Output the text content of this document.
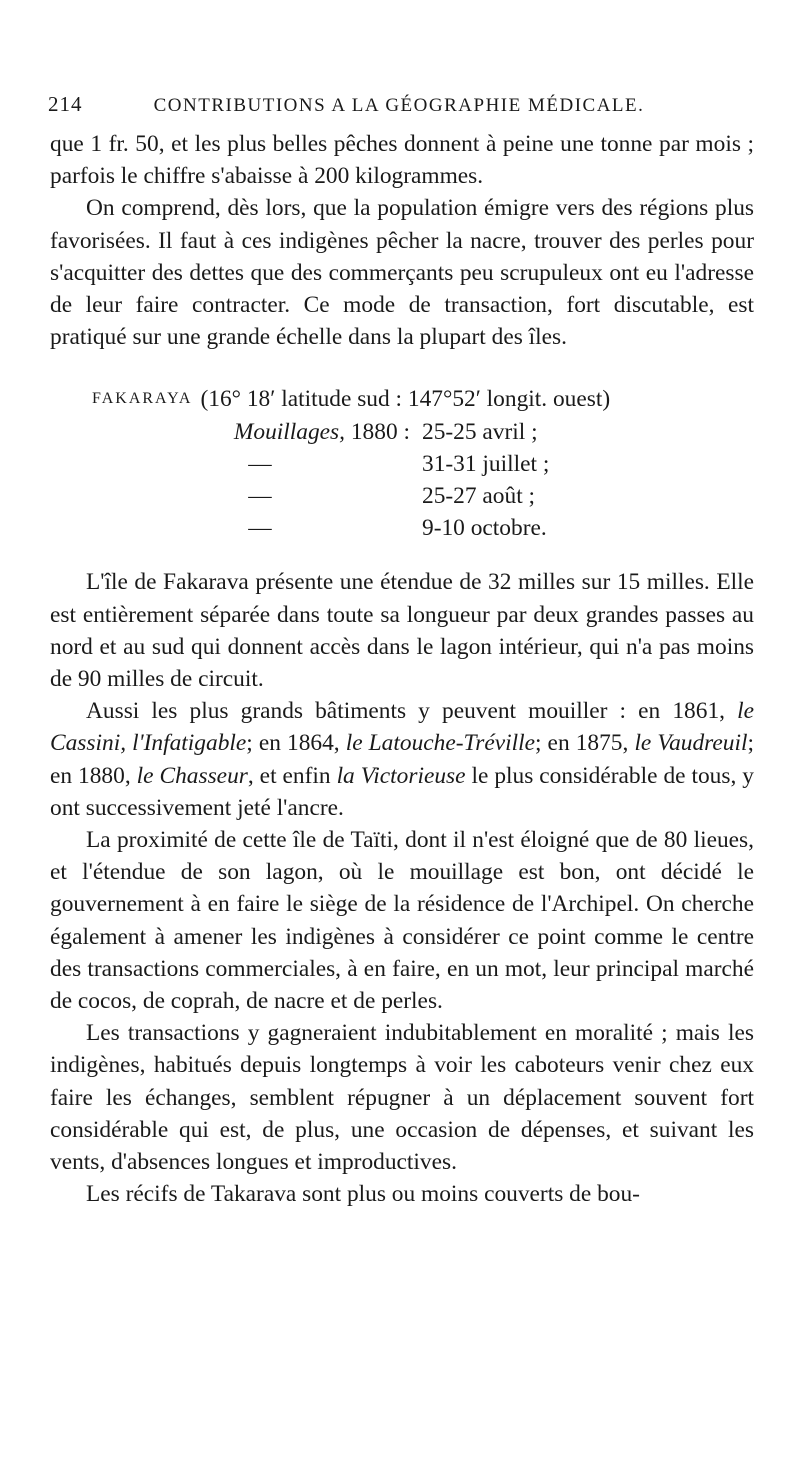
214	CONTRIBUTIONS A LA GÉOGRAPHIE MÉDICALE.

que 1 fr. 50, et les plus belles pêches donnent à peine une tonne par mois ; parfois le chiffre s'abaisse à 200 kilogrammes.

On comprend, dès lors, que la population émigre vers des régions plus favorisées. Il faut à ces indigènes pêcher la nacre, trouver des perles pour s'acquitter des dettes que des commerçants peu scrupuleux ont eu l'adresse de leur faire contracter. Ce mode de transaction, fort discutable, est pratiqué sur une grande échelle dans la plupart des îles.

FAKARAYA (16° 18′ latitude sud : 147°52′ longit. ouest)
Mouillages, 1880 : 25-25 avril ;
—	31-31 juillet ;
—	25-27 août ;
—	9-10 octobre.

L'île de Fakarava présente une étendue de 32 milles sur 15 milles. Elle est entièrement séparée dans toute sa longueur par deux grandes passes au nord et au sud qui donnent accès dans le lagon intérieur, qui n'a pas moins de 90 milles de circuit.

Aussi les plus grands bâtiments y peuvent mouiller : en 1861, le Cassini, l'Infatigable; en 1864, le Latouche-Tréville; en 1875, le Vaudreuil; en 1880, le Chasseur, et enfin la Victorieuse le plus considérable de tous, y ont successivement jeté l'ancre.

La proximité de cette île de Taïti, dont il n'est éloigné que de 80 lieues, et l'étendue de son lagon, où le mouillage est bon, ont décidé le gouvernement à en faire le siège de la résidence de l'Archipel. On cherche également à amener les indigènes à considérer ce point comme le centre des transactions commerciales, à en faire, en un mot, leur principal marché de cocos, de coprah, de nacre et de perles.

Les transactions y gagneraient indubitablement en moralité ; mais les indigènes, habitués depuis longtemps à voir les caboteurs venir chez eux faire les échanges, semblent répugner à un déplacement souvent fort considérable qui est, de plus, une occasion de dépenses, et suivant les vents, d'absences longues et improductives.

Les récifs de Takarava sont plus ou moins couverts de bou-
